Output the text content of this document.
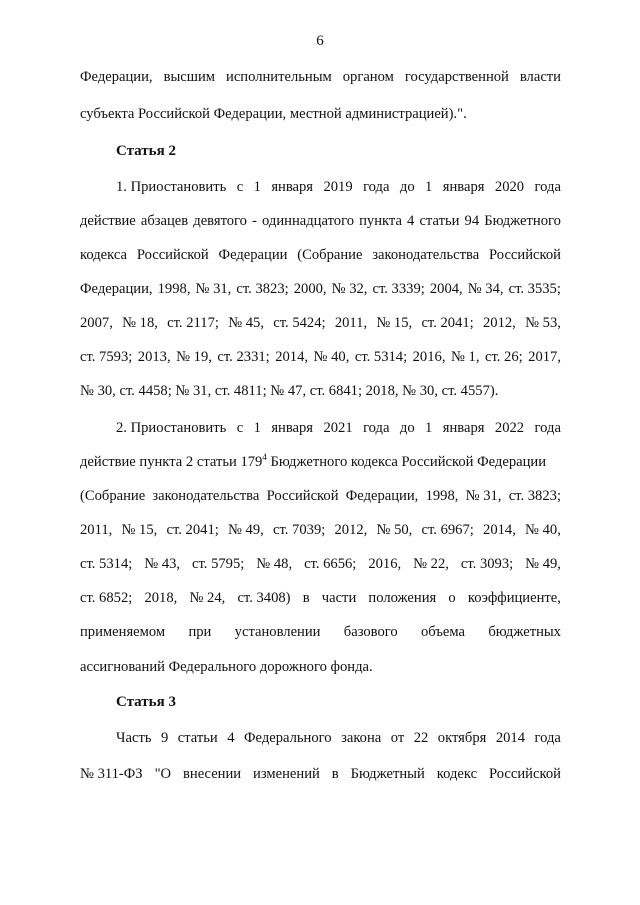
6
Федерации, высшим исполнительным органом государственной власти
субъекта Российской Федерации, местной администрацией).".
Статья 2
1. Приостановить с 1 января 2019 года до 1 января 2020 года
действие абзацев девятого - одиннадцатого пункта 4 статьи 94 Бюджетного
кодекса Российской Федерации (Собрание законодательства Российской
Федерации, 1998, № 31, ст. 3823; 2000, № 32, ст. 3339; 2004, № 34, ст. 3535;
2007, № 18, ст. 2117; № 45, ст. 5424; 2011, № 15, ст. 2041; 2012, № 53,
ст. 7593; 2013, № 19, ст. 2331; 2014, № 40, ст. 5314; 2016, № 1, ст. 26; 2017,
№ 30, ст. 4458; № 31, ст. 4811; № 47, ст. 6841; 2018, № 30, ст. 4557).
2. Приостановить с 1 января 2021 года до 1 января 2022 года
действие пункта 2 статьи $179^4$ Бюджетного кодекса Российской Федерации
(Собрание законодательства Российской Федерации, 1998, № 31, ст. 3823;
2011, № 15, ст. 2041; № 49, ст. 7039; 2012, № 50, ст. 6967; 2014, № 40,
ст. 5314; № 43, ст. 5795; № 48, ст. 6656; 2016, № 22, ст. 3093; № 49,
ст. 6852; 2018, № 24, ст. 3408) в части положения о коэффициенте,
применяемом при установлении базового объема бюджетных
ассигнований Федерального дорожного фонда.
Статья 3
Часть 9 статьи 4 Федерального закона от 22 октября 2014 года
№ 311-ФЗ "О внесении изменений в Бюджетный кодекс Российской
